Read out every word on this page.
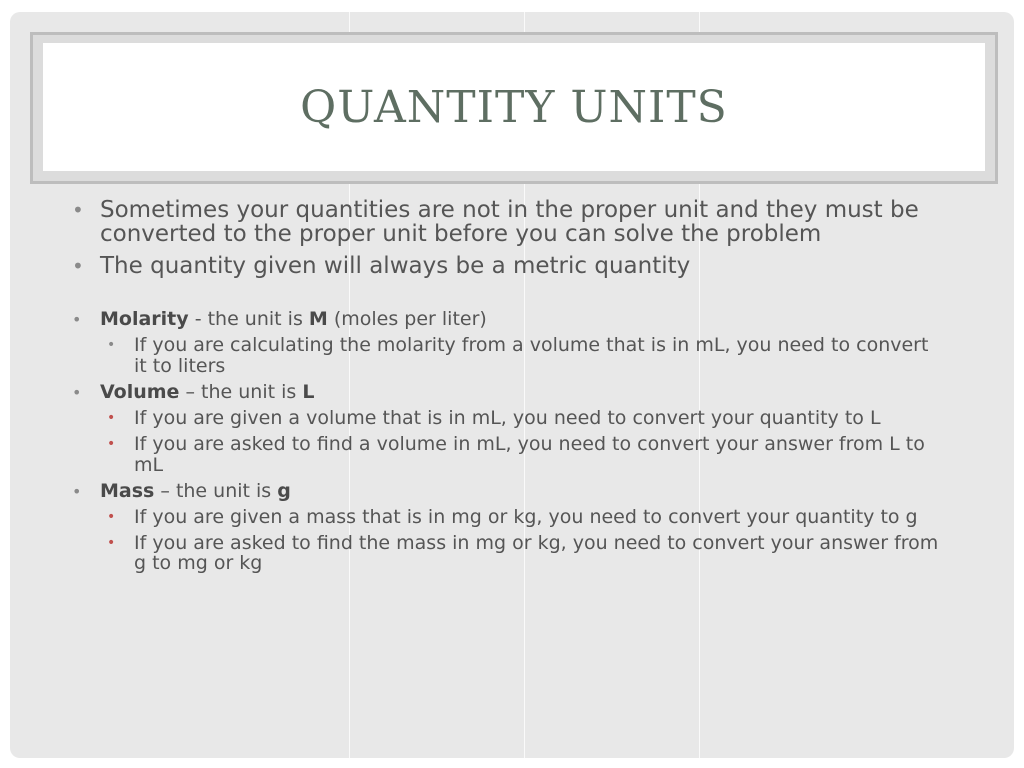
QUANTITY UNITS
• Sometimes your quantities are not in the proper unit and they must be converted to the proper unit before you can solve the problem
• The quantity given will always be a metric quantity
• Molarity - the unit is M (moles per liter)
• If you are calculating the molarity from a volume that is in mL, you need to convert it to liters
• Volume – the unit is L
• If you are given a volume that is in mL, you need to convert your quantity to L
• If you are asked to find a volume in mL, you need to convert your answer from L to mL
• Mass – the unit is g
• If you are given a mass that is in mg or kg, you need to convert your quantity to g
• If you are asked to find the mass in mg or kg, you need to convert your answer from g to mg or kg
